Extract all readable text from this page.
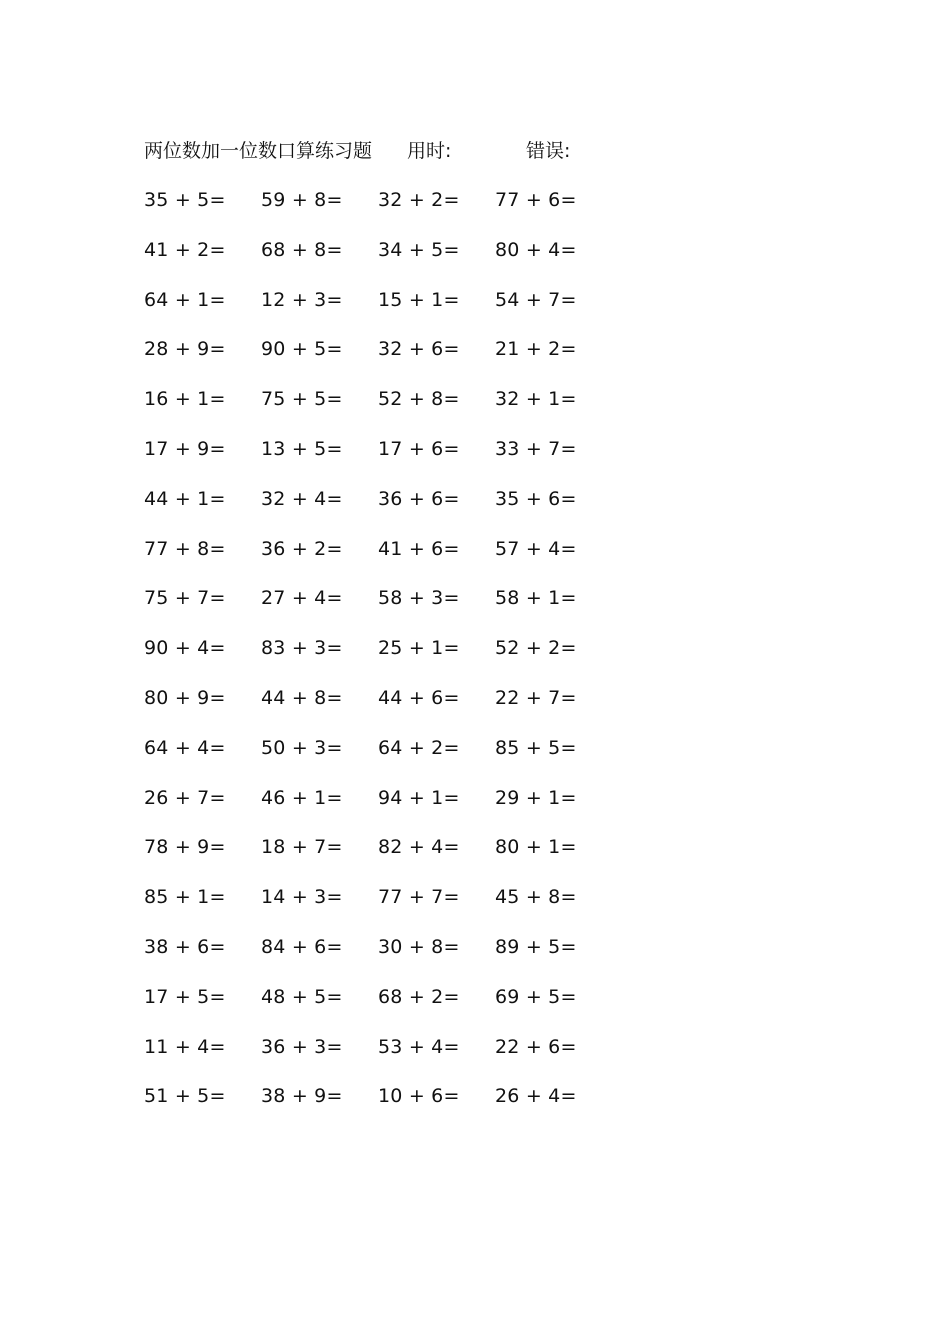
两位数加一位数口算练习题 用时:	错误:
35 + 5=	59 + 8=	32 + 2=	77 + 6=
41 + 2=	68 + 8=	34 + 5=	80 + 4=
64 + 1=	12 + 3=	15 + 1=	54 + 7=
28 + 9=	90 + 5=	32 + 6=	21 + 2=
16 + 1=	75 + 5=	52 + 8=	32 + 1=
17 + 9=	13 + 5=	17 + 6=	33 + 7=
44 + 1=	32 + 4=	36 + 6=	35 + 6=
77 + 8=	36 + 2=	41 + 6=	57 + 4=
75 + 7=	27 + 4=	58 + 3=	58 + 1=
90 + 4=	83 + 3=	25 + 1=	52 + 2=
80 + 9=	44 + 8=	44 + 6=	22 + 7=
64 + 4=	50 + 3=	64 + 2=	85 + 5=
26 + 7=	46 + 1=	94 + 1=	29 + 1=
78 + 9=	18 + 7=	82 + 4=	80 + 1=
85 + 1=	14 + 3=	77 + 7=	45 + 8=
38 + 6=	84 + 6=	30 + 8=	89 + 5=
17 + 5=	48 + 5=	68 + 2=	69 + 5=
11 + 4=	36 + 3=	53 + 4=	22 + 6=
51 + 5=	38 + 9=	10 + 6=	26 + 4=
